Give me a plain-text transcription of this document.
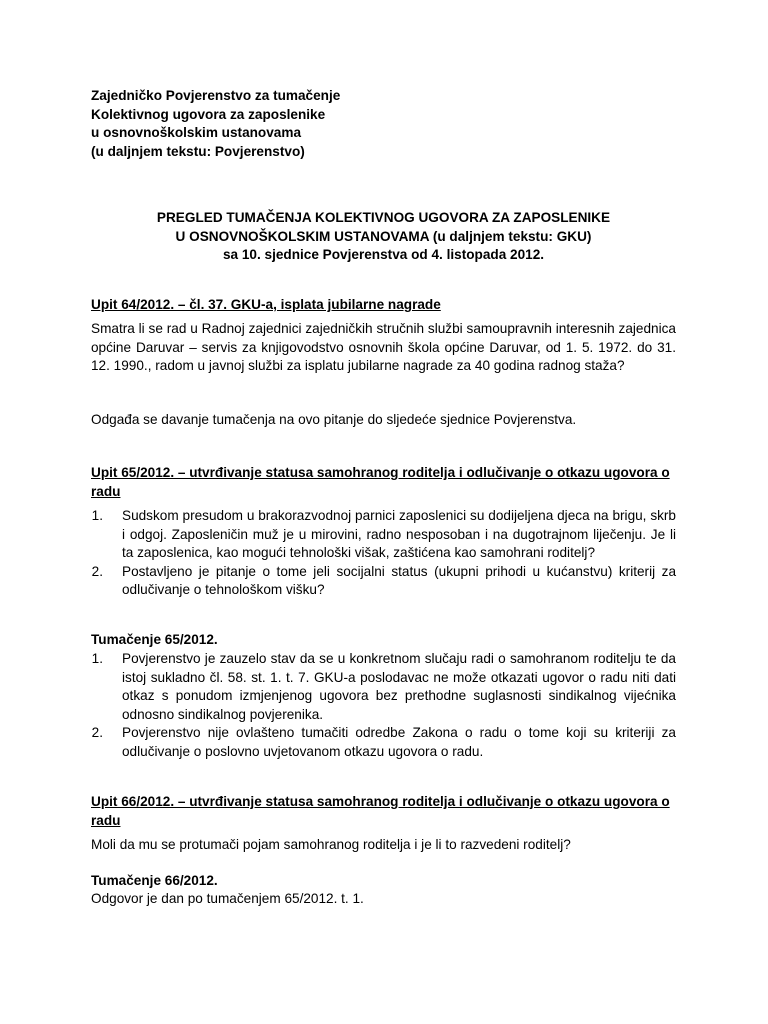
Zajedničko Povjerenstvo za tumačenje
Kolektivnog ugovora za zaposlenike
u osnovnoškolskim ustanovama
(u daljnjem tekstu: Povjerenstvo)
PREGLED TUMAČENJA KOLEKTIVNOG UGOVORA ZA ZAPOSLENIKE
U OSNOVNOŠKOLSKIM USTANOVAMA (u daljnjem tekstu: GKU)
sa 10. sjednice Povjerenstva od 4. listopada 2012.
Upit 64/2012. – čl. 37. GKU-a, isplata jubilarne nagrade

Smatra li se rad u Radnoj zajednici zajedničkih stručnih službi samoupravnih interesnih zajednica općine Daruvar – servis za knjigovodstvo osnovnih škola općine Daruvar, od 1. 5. 1972. do 31. 12. 1990., radom u javnoj službi za isplatu jubilarne nagrade za 40 godina radnog staža?

Odgađa se davanje tumačenja na ovo pitanje do sljedeće sjednice Povjerenstva.

Upit 65/2012. – utvrđivanje statusa samohranog roditelja i odlučivanje o otkazu ugovora o radu
1. Sudskom presudom u brakorazvodnoj parnici zaposlenici su dodijeljena djeca na brigu, skrb i odgoj. Zaposleničin muž je u mirovini, radno nesposoban i na dugotrajnom liječenju. Je li ta zaposlenica, kao mogući tehnološki višak, zaštićena kao samohrani roditelj?
2. Postavljeno je pitanje o tome jeli socijalni status (ukupni prihodi u kućanstvu) kriterij za odlučivanje o tehnološkom višku?
Tumačenje 65/2012.
1. Povjerenstvo je zauzelo stav da se u konkretnom slučaju radi o samohranom roditelju te da istoj sukladno čl. 58. st. 1. t. 7. GKU-a poslodavac ne može otkazati ugovor o radu niti dati otkaz s ponudom izmjenjenog ugovora bez prethodne suglasnosti sindikalnog vijećnika odnosno sindikalnog povjerenika.
2. Povjerenstvo nije ovlašteno tumačiti odredbe Zakona o radu o tome koji su kriteriji za odlučivanje o poslovno uvjetovanom otkazu ugovora o radu.
Upit 66/2012. – utvrđivanje statusa samohranog roditelja i odlučivanje o otkazu ugovora o radu

Moli da mu se protumači pojam samohranog roditelja i je li to razvedeni roditelj?

Tumačenje 66/2012.

Odgovor je dan po tumačenjem 65/2012. t. 1.
